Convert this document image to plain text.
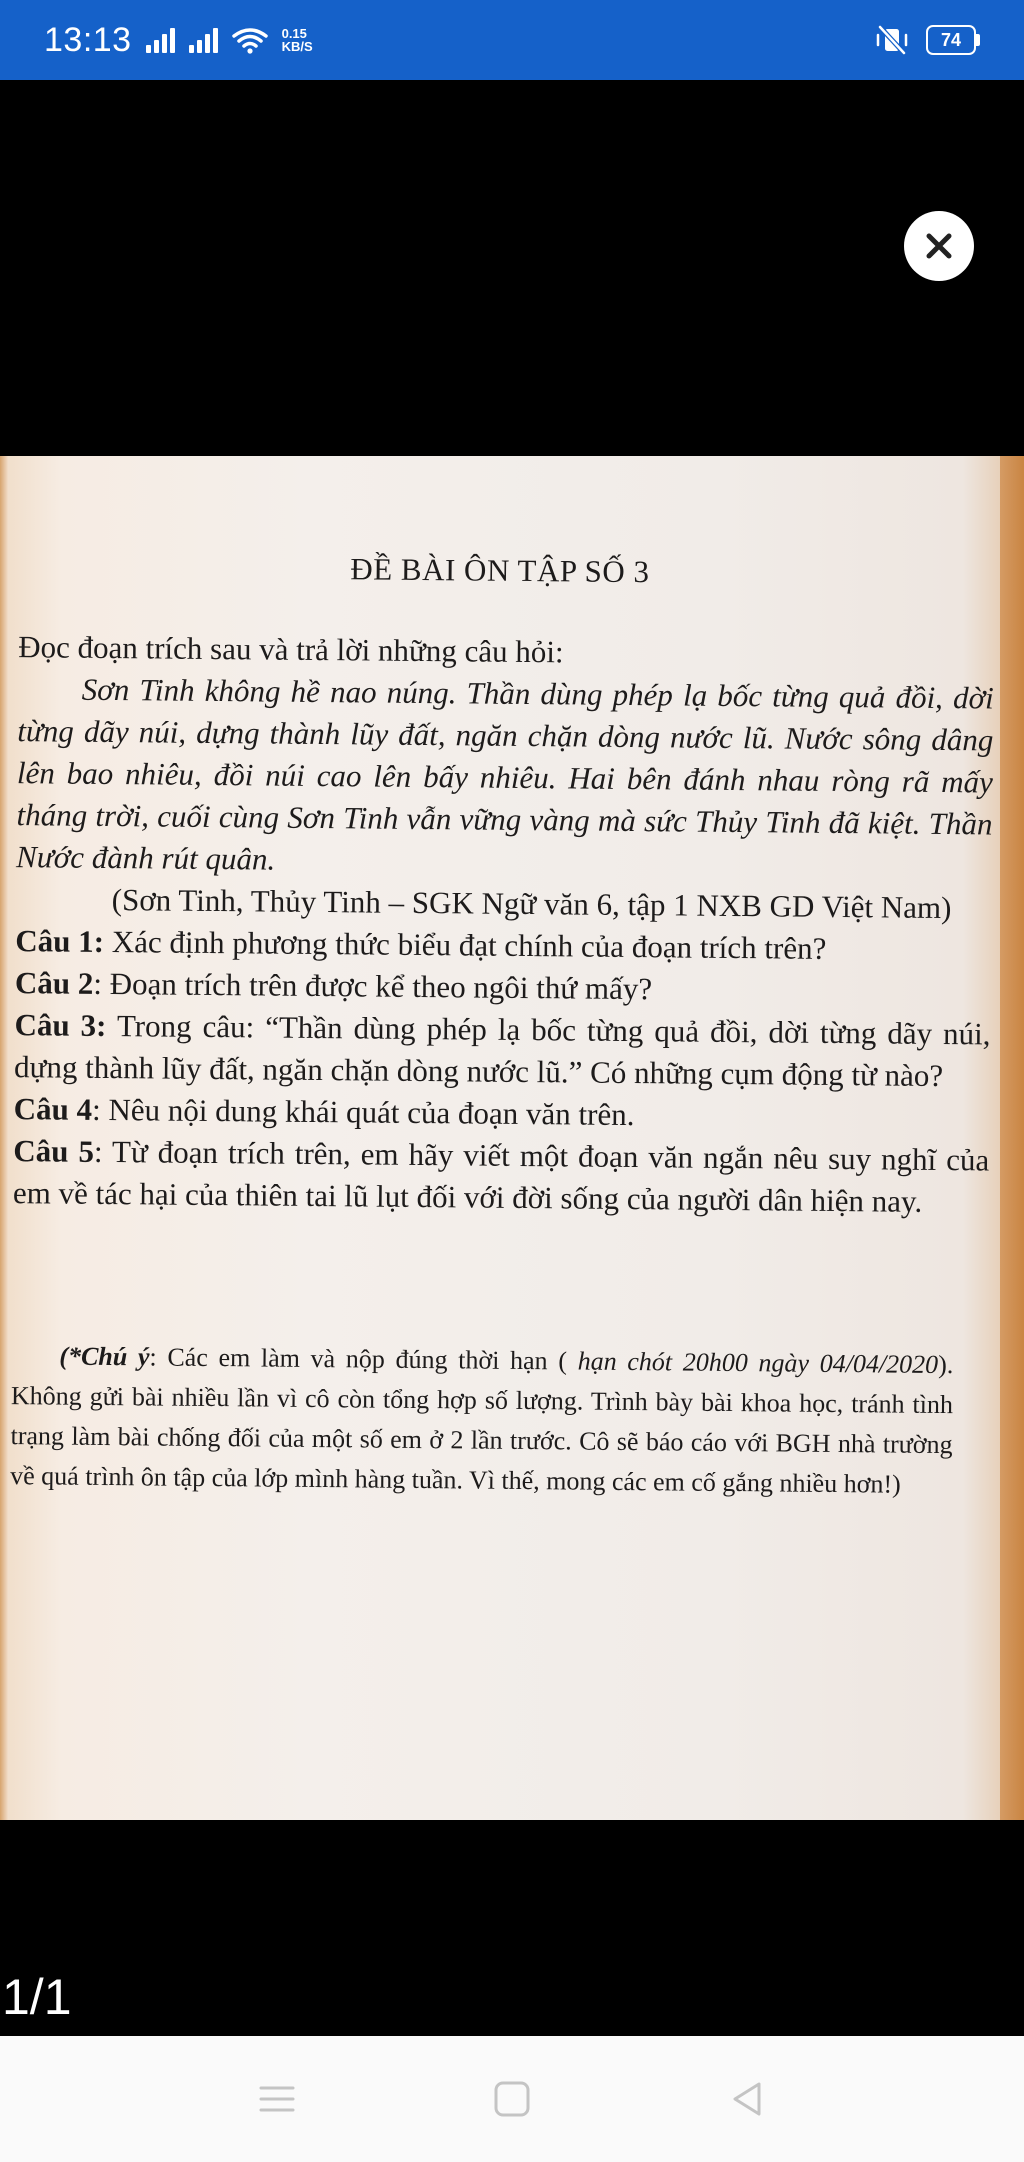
13:13	0.15
KB/S	74
ĐỀ BÀI ÔN TẬP SỐ 3

Đọc đoạn trích sau và trả lời những câu hỏi:

Sơn Tinh không hề nao núng. Thần dùng phép lạ bốc từng quả đồi, dời từng dãy núi, dựng thành lũy đất, ngăn chặn dòng nước lũ. Nước sông dâng lên bao nhiêu, đồi núi cao lên bấy nhiêu. Hai bên đánh nhau ròng rã mấy tháng trời, cuối cùng Sơn Tinh vẫn vững vàng mà sức Thủy Tinh đã kiệt. Thần Nước đành rút quân.

(Sơn Tinh, Thủy Tinh – SGK Ngữ văn 6, tập 1 NXB GD Việt Nam)

Câu 1: Xác định phương thức biểu đạt chính của đoạn trích trên?

Câu 2: Đoạn trích trên được kể theo ngôi thứ mấy?

Câu 3: Trong câu: “Thần dùng phép lạ bốc từng quả đồi, dời từng dãy núi, dựng thành lũy đất, ngăn chặn dòng nước lũ.” Có những cụm động từ nào?

Câu 4: Nêu nội dung khái quát của đoạn văn trên.

Câu 5: Từ đoạn trích trên, em hãy viết một đoạn văn ngắn nêu suy nghĩ của em về tác hại của thiên tai lũ lụt đối với đời sống của người dân hiện nay.

(*Chú ý: Các em làm và nộp đúng thời hạn ( hạn chót 20h00 ngày 04/04/2020). Không gửi bài nhiều lần vì cô còn tổng hợp số lượng. Trình bày bài khoa học, tránh tình trạng làm bài chống đối của một số em ở 2 lần trước. Cô sẽ báo cáo với BGH nhà trường về quá trình ôn tập của lớp mình hàng tuần. Vì thế, mong các em cố gắng nhiều hơn!)
1/1
